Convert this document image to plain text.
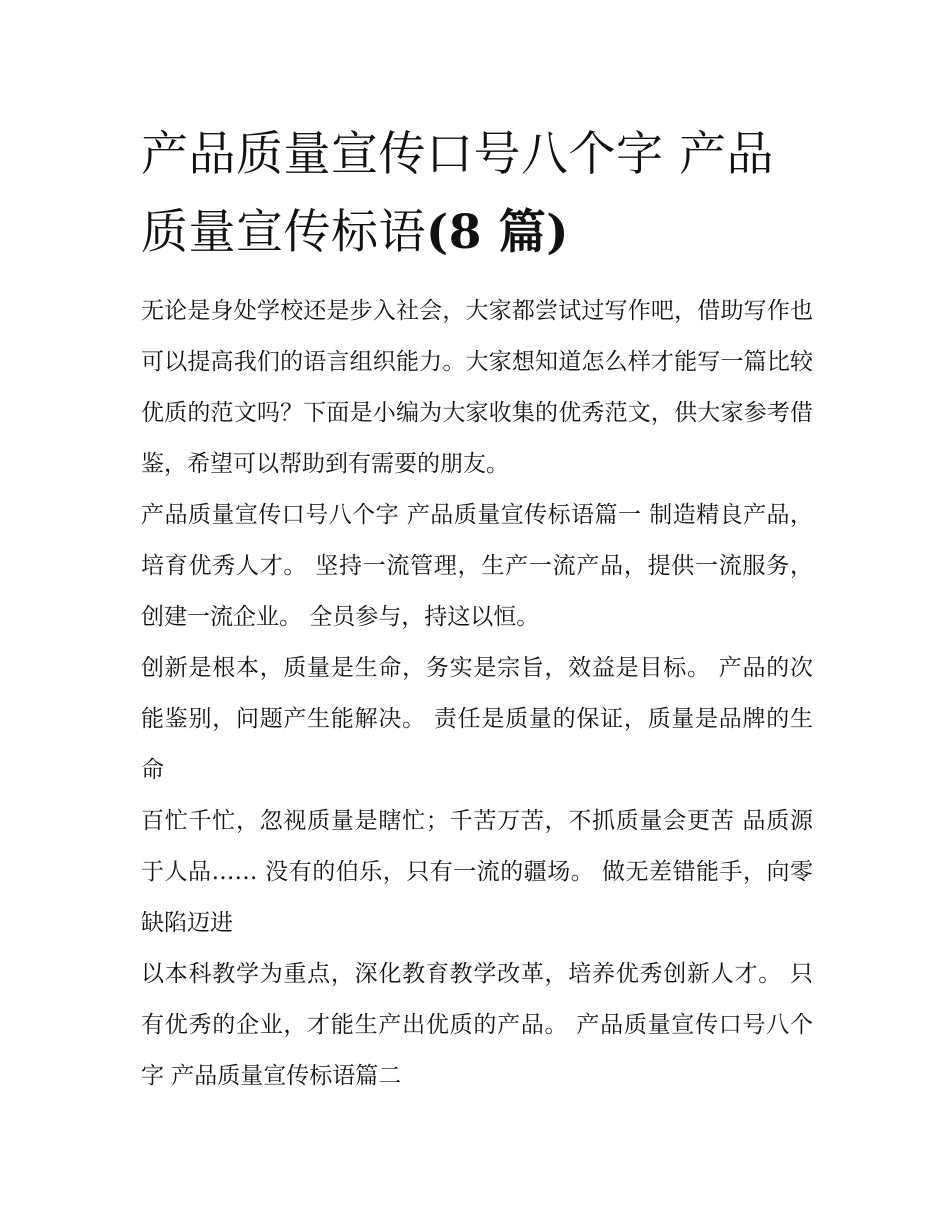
产品质量宣传口号八个字 产品质量宣传标语(8 篇)

无论是身处学校还是步入社会，大家都尝试过写作吧，借助写作也可以提高我们的语言组织能力。大家想知道怎么样才能写一篇比较优质的范文吗？下面是小编为大家收集的优秀范文，供大家参考借鉴，希望可以帮助到有需要的朋友。

产品质量宣传口号八个字 产品质量宣传标语篇一 制造精良产品，培育优秀人才。 坚持一流管理，生产一流产品，提供一流服务，创建一流企业。 全员参与，持这以恒。

创新是根本，质量是生命，务实是宗旨，效益是目标。 产品的次能鉴别，问题产生能解决。 责任是质量的保证，质量是品牌的生命

百忙千忙，忽视质量是瞎忙；千苦万苦，不抓质量会更苦 品质源于人品…… 没有的伯乐，只有一流的疆场。 做无差错能手，向零缺陷迈进

以本科教学为重点，深化教育教学改革，培养优秀创新人才。 只有优秀的企业，才能生产出优质的产品。 产品质量宣传口号八个字 产品质量宣传标语篇二
